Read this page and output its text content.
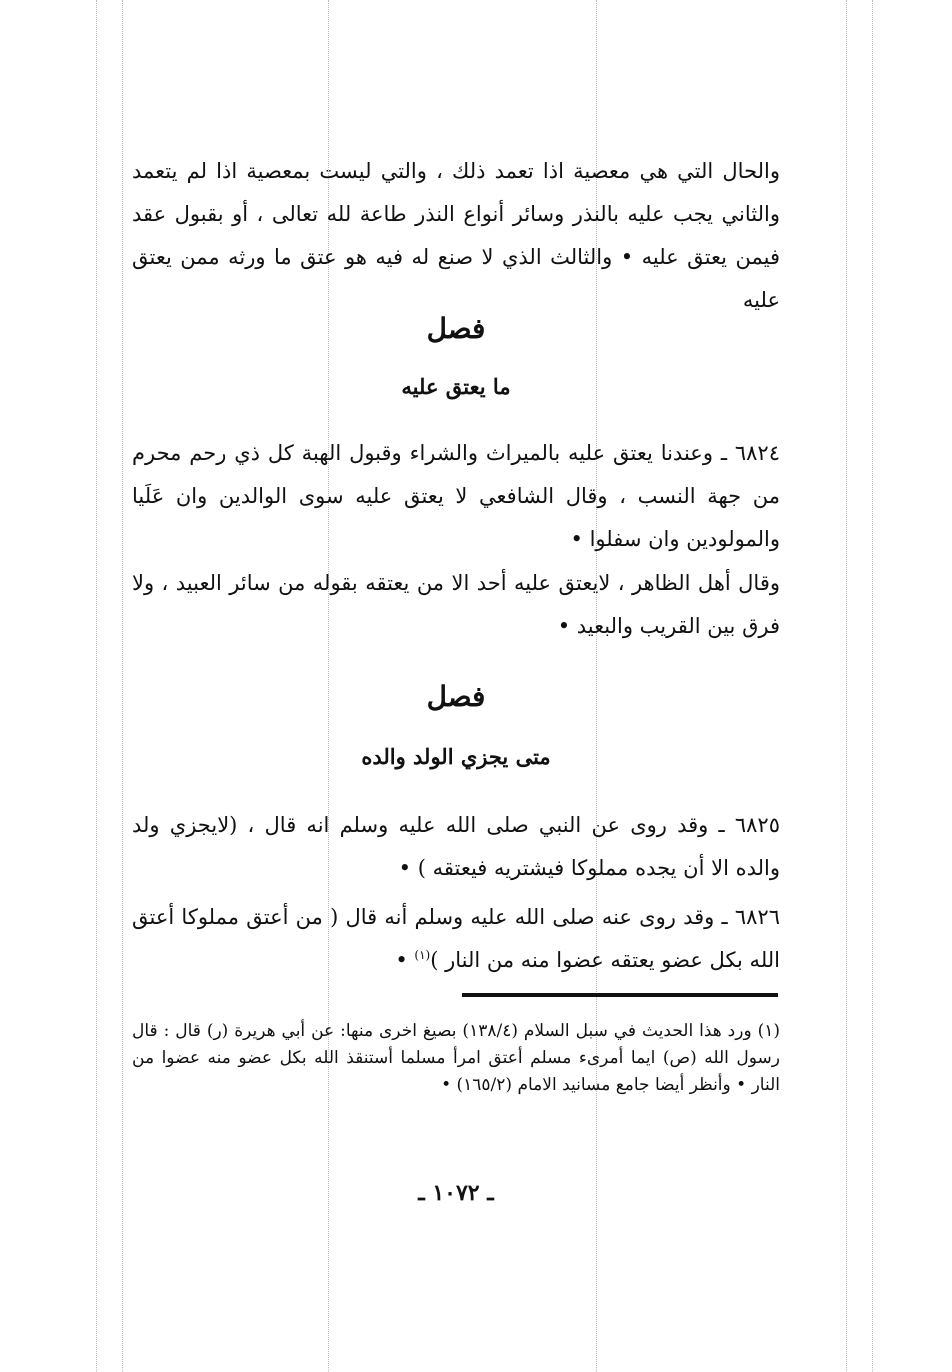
والحال التي هي معصية اذا تعمد ذلك ، والتي ليست بمعصية اذا لم يتعمد والثاني يجب عليه بالنذر وسائر أنواع النذر طاعة لله تعالى ، أو بقبول عقد فيمن يعتق عليه • والثالث الذي لا صنع له فيه هو عتق ما ورثه ممن يعتق عليه

فصل
ما يعتق عليه

٦٨٢٤ ـ وعندنا يعتق عليه بالميراث والشراء وقبول الهبة كل ذي رحم محرم من جهة النسب ، وقال الشافعي لا يعتق عليه سوى الوالدين وان عَلَيا والمولودين وان سفلوا •

وقال أهل الظاهر ، لايعتق عليه أحد الا من يعتقه بقوله من سائر العبيد ، ولا فرق بين القريب والبعيد •

فصل
متى يجزي الولد والده

٦٨٢٥ ـ وقد روى عن النبي صلى الله عليه وسلم انه قال ، (لايجزي ولد والده الا أن يجده مملوكا فيشتريه فيعتقه ) •

٦٨٢٦ ـ وقد روى عنه صلى الله عليه وسلم أنه قال ( من أعتق مملوكا أعتق الله بكل عضو يعتقه عضوا منه من النار )$^{(١)}$ •

(١) ورد هذا الحديث في سبل السلام (١٣٨/٤) بصيغ اخرى منها: عن أبي هريرة (ر) قال : قال رسول الله (ص) ايما أمرىء مسلم أعتق امرأ مسلما أستنقذ الله بكل عضو منه عضوا من النار • وأنظر أيضا جامع مسانيد الامام (١٦٥/٢) •

ـ ١٠٧٢ ـ
